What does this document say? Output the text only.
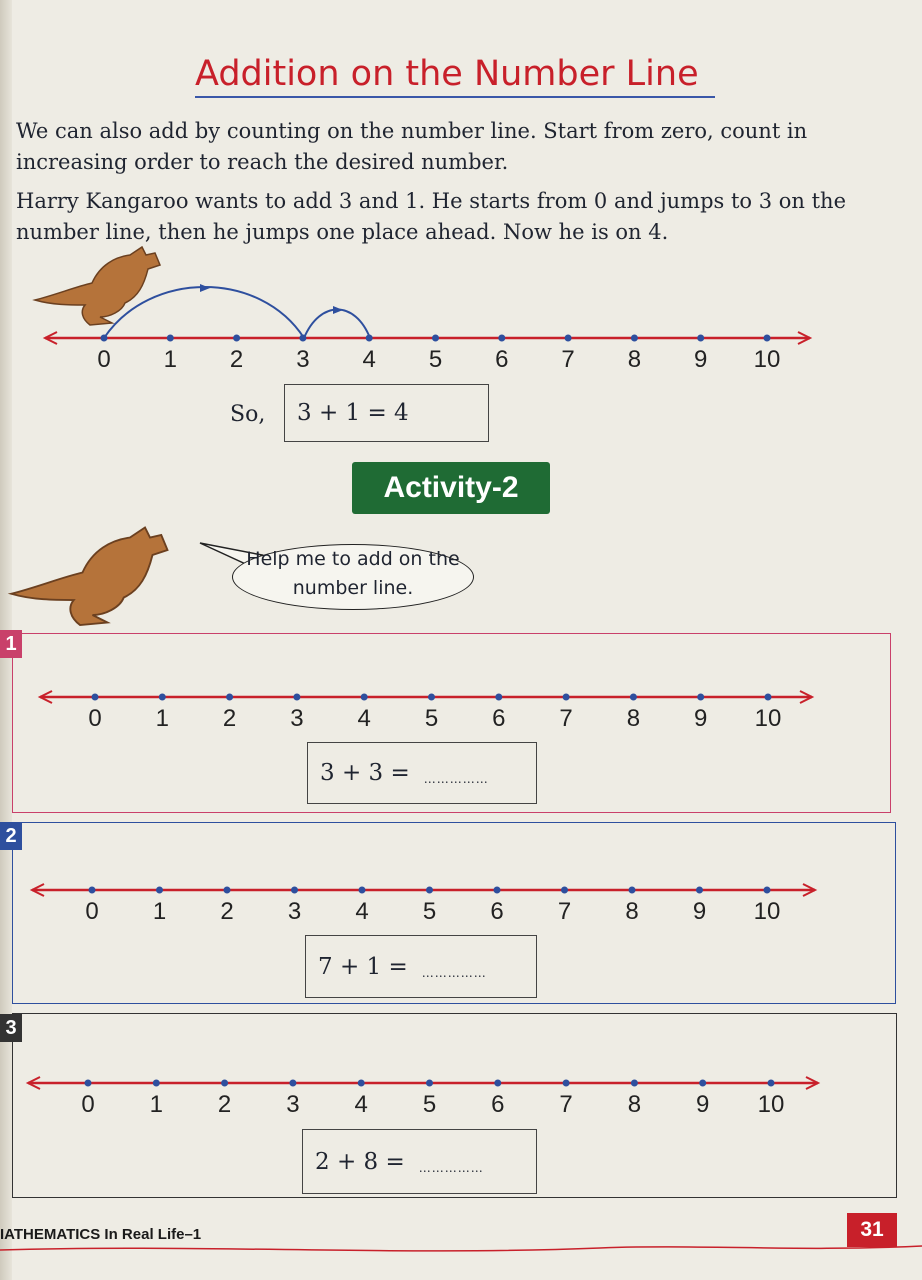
Addition on the Number Line

We can also add by counting on the number line. Start from zero, count in increasing order to reach the desired number.

Harry Kangaroo wants to add 3 and 1. He starts from 0 and jumps to 3 on the number line, then he jumps one place ahead. Now he is on 4.

0	1	2	3	4	5	6	7	8	9	10
0	1	2	3	4	5	6	7	8	9	10
0	1	2	3	4	5	6	7	8	9	10
0	1	2	3	4	5	6	7	8	9	10
So,	3 + 1 = 4
Activity-2
Help me to add on the number line.
1
2
3
3 + 3 = ……………
7 + 1 = ……………
2 + 8 = ……………
IATHEMATICS In Real Life–1	31
